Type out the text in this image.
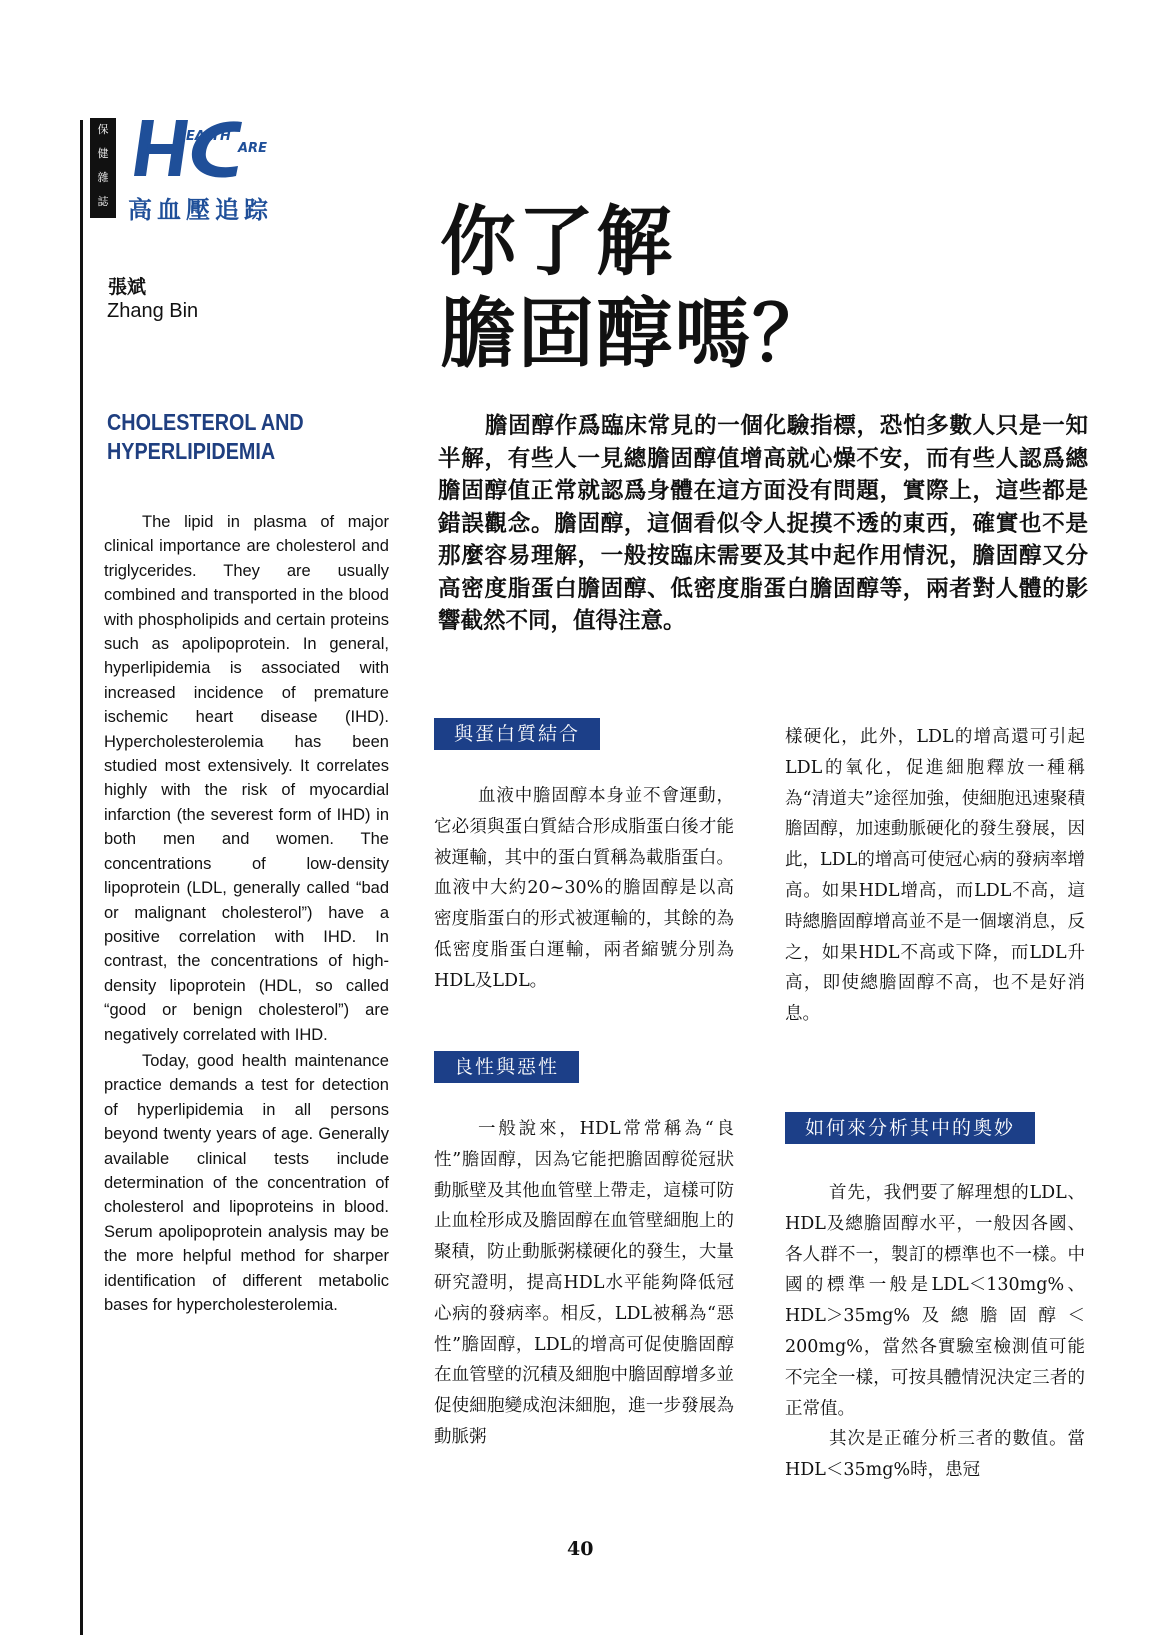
保
健
雜
誌
EALTH
ARE
高血壓追踪
張斌
Zhang Bin
你了解
膽固醇嗎？
CHOLESTEROL AND
HYPERLIPIDEMIA

The lipid in plasma of major clinical importance are cholesterol and triglycerides. They are usually combined and transported in the blood with phospholipids and certain proteins such as apolipoprotein. In general, hyperlipidemia is associated with increased incidence of premature ischemic heart disease (IHD). Hypercholesterolemia has been studied most extensively. It correlates highly with the risk of myocardial infarction (the severest form of IHD) in both men and women. The concentrations of low-density lipoprotein (LDL, generally called “bad or malignant cholesterol”) have a positive correlation with IHD. In contrast, the concentrations of high-density lipoprotein (HDL, so called “good or benign cholesterol”) are negatively correlated with IHD.

Today, good health maintenance practice demands a test for detection of hyperlipidemia in all persons beyond twenty years of age. Generally available clinical tests include determination of the concentration of cholesterol and lipoproteins in blood. Serum apolipoprotein analysis may be the more helpful method for sharper identification of different metabolic bases for hypercholesterolemia.

膽固醇作爲臨床常見的一個化驗指標，恐怕多數人只是一知半解，有些人一見總膽固醇值增高就心燥不安，而有些人認爲總膽固醇值正常就認爲身體在這方面没有問題，實際上，這些都是錯誤觀念。膽固醇，這個看似令人捉摸不透的東西，確實也不是那麼容易理解，一般按臨床需要及其中起作用情況，膽固醇又分高密度脂蛋白膽固醇、低密度脂蛋白膽固醇等，兩者對人體的影響截然不同，值得注意。

與蛋白質結合

血液中膽固醇本身並不會運動，它必須與蛋白質結合形成脂蛋白後才能被運輸，其中的蛋白質稱為載脂蛋白。血液中大約20~30%的膽固醇是以高密度脂蛋白的形式被運輸的，其餘的為低密度脂蛋白運輸，兩者縮號分別為HDL及LDL。

良性與惡性

一般說來，HDL常常稱為“良性”膽固醇，因為它能把膽固醇從冠狀動脈壁及其他血管壁上帶走，這樣可防止血栓形成及膽固醇在血管壁細胞上的聚積，防止動脈粥樣硬化的發生，大量研究證明，提高HDL水平能夠降低冠心病的發病率。相反，LDL被稱為“惡性”膽固醇，LDL的增高可促使膽固醇在血管壁的沉積及細胞中膽固醇增多並促使細胞變成泡沫細胞，進一步發展為動脈粥

樣硬化，此外，LDL的增高還可引起LDL的氧化，促進細胞釋放一種稱為“清道夫”途徑加強，使細胞迅速聚積膽固醇，加速動脈硬化的發生發展，因此，LDL的增高可使冠心病的發病率增高。如果HDL增高，而LDL不高，這時總膽固醇增高並不是一個壞消息，反之，如果HDL不高或下降，而LDL升高，即使總膽固醇不高，也不是好消息。

如何來分析其中的奧妙

首先，我們要了解理想的LDL、HDL及總膽固醇水平，一般因各國、各人群不一，製訂的標準也不一樣。中國的標準一般是LDL＜130mg%、HDL＞35mg%及總膽固醇＜200mg%，當然各實驗室檢測值可能不完全一樣，可按具體情況決定三者的正常值。

其次是正確分析三者的數值。當HDL＜35mg%時，患冠

40
